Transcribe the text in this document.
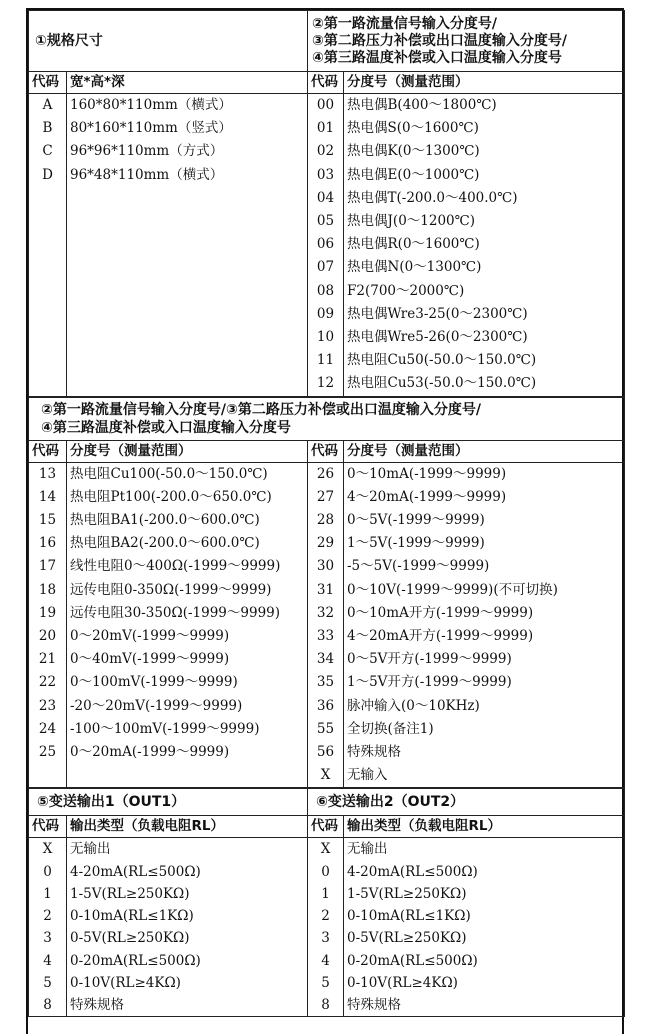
①规格尺寸		②第一路流量信号输入分度号/
③第二路压力补偿或出口温度输入分度号/
④第三路温度补偿或入口温度输入分度号	

代码	宽*高*深	代码	分度号（测量范围）
A	160*80*110mm（横式）	00	热电偶B(400～1800℃)
B	80*160*110mm（竖式）	01	热电偶S(0～1600℃)
C	96*96*110mm（方式）	02	热电偶K(0～1300℃)
D	96*48*110mm（横式）	03	热电偶E(0～1000℃)
		04	热电偶T(-200.0～400.0℃)
		05	热电偶J(0～1200℃)
		06	热电偶R(0～1600℃)
		07	热电偶N(0～1300℃)
		08	F2(700～2000℃)
		09	热电偶Wre3-25(0～2300℃)
		10	热电偶Wre5-26(0～2300℃)
		11	热电阻Cu50(-50.0～150.0℃)
		12	热电阻Cu53(-50.0～150.0℃)
②第一路流量信号输入分度号/③第二路压力补偿或出口温度输入分度号/
④第三路温度补偿或入口温度输入分度号			

代码	分度号（测量范围）	代码	分度号（测量范围）
13	热电阻Cu100(-50.0～150.0℃)	26	0～10mA(-1999～9999)
14	热电阻Pt100(-200.0～650.0℃)	27	4～20mA(-1999～9999)
15	热电阻BA1(-200.0～600.0℃)	28	0～5V(-1999～9999)
16	热电阻BA2(-200.0～600.0℃)	29	1～5V(-1999～9999)
17	线性电阻0～400Ω(-1999～9999)	30	-5～5V(-1999～9999)
18	远传电阻0-350Ω(-1999～9999)	31	0～10V(-1999～9999)(不可切换)
19	远传电阻30-350Ω(-1999～9999)	32	0～10mA开方(-1999～9999)
20	0～20mV(-1999～9999)	33	4～20mA开方(-1999～9999)
21	0～40mV(-1999～9999)	34	0～5V开方(-1999～9999)
22	0～100mV(-1999～9999)	35	1～5V开方(-1999～9999)
23	-20～20mV(-1999～9999)	36	脉冲输入(0～10KHz)
24	-100～100mV(-1999～9999)	55	全切换(备注1)
25	0～20mA(-1999～9999)	56	特殊规格
		X	无输入
⑤变送输出1（OUT1）		⑥变送输出2（OUT2）	
代码	输出类型（负载电阻RL）	代码	输出类型（负载电阻RL）
X	无输出	X	无输出
0	4-20mA(RL≤500Ω)	0	4-20mA(RL≤500Ω)
1	1-5V(RL≥250KΩ)	1	1-5V(RL≥250KΩ)
2	0-10mA(RL≤1KΩ)	2	0-10mA(RL≤1KΩ)
3	0-5V(RL≥250KΩ)	3	0-5V(RL≥250KΩ)
4	0-20mA(RL≤500Ω)	4	0-20mA(RL≤500Ω)
5	0-10V(RL≥4KΩ)	5	0-10V(RL≥4KΩ)
8	特殊规格	8	特殊规格
